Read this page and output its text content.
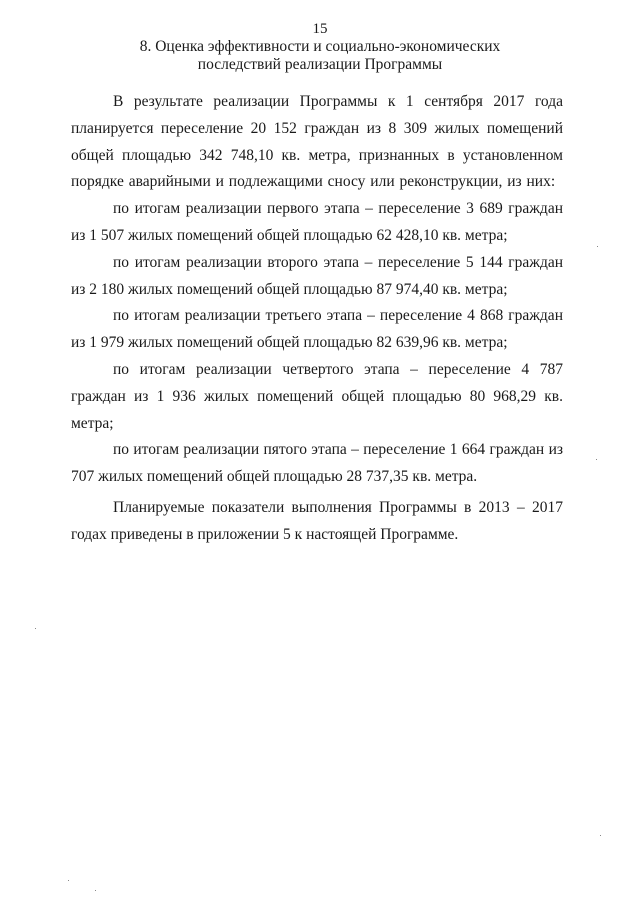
15
8. Оценка эффективности и социально-экономических
последствий реализации Программы

В результате реализации Программы к 1 сентября 2017 года планируется переселение 20 152 граждан из 8 309 жилых помещений общей площадью 342 748,10 кв. метра, признанных в установленном порядке аварийными и подлежащими сносу или реконструкции, из них:

по итогам реализации первого этапа – переселение 3 689 граждан из 1 507 жилых помещений общей площадью 62 428,10 кв. метра;

по итогам реализации второго этапа – переселение 5 144 граждан из 2 180 жилых помещений общей площадью 87 974,40 кв. метра;

по итогам реализации третьего этапа – переселение 4 868 граждан из 1 979 жилых помещений общей площадью 82 639,96 кв. метра;

по итогам реализации четвертого этапа – переселение 4 787 граждан из 1 936 жилых помещений общей площадью 80 968,29 кв. метра;

по итогам реализации пятого этапа – переселение 1 664 граждан из 707 жилых помещений общей площадью 28 737,35 кв. метра.

Планируемые показатели выполнения Программы в 2013 – 2017 годах приведены в приложении 5 к настоящей Программе.
